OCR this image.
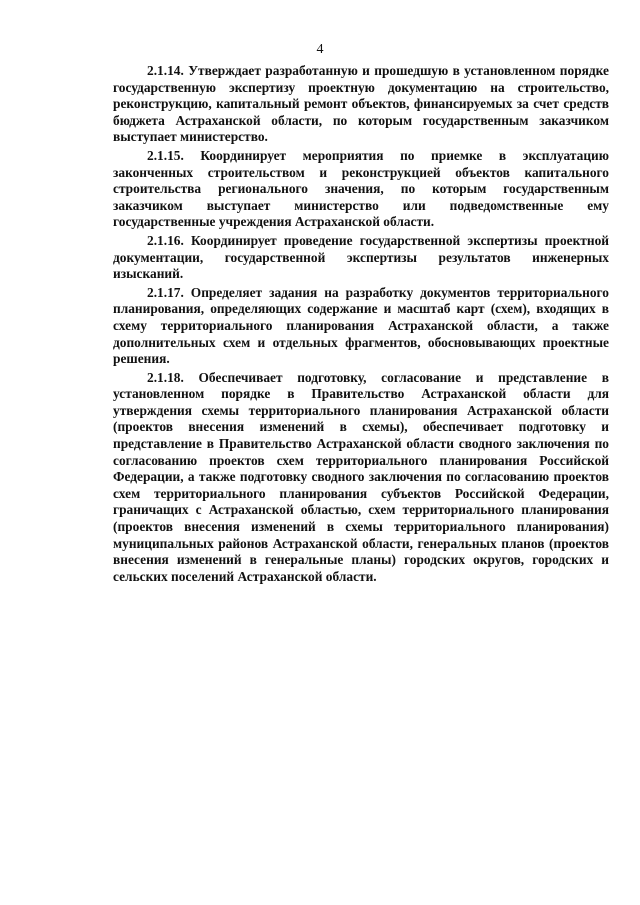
4

2.1.14. Утверждает разработанную и прошедшую в установленном порядке государственную экспертизу проектную документацию на строительство, реконструкцию, капитальный ремонт объектов, финансируемых за счет средств бюджета Астраханской области, по которым государственным заказчиком выступает министерство.

2.1.15. Координирует мероприятия по приемке в эксплуатацию законченных строительством и реконструкцией объектов капитального строительства регионального значения, по которым государственным заказчиком выступает министерство или подведомственные ему государственные учреждения Астраханской области.

2.1.16. Координирует проведение государственной экспертизы проектной документации, государственной экспертизы результатов инженерных изысканий.

2.1.17. Определяет задания на разработку документов территориального планирования, определяющих содержание и масштаб карт (схем), входящих в схему территориального планирования Астраханской области, а также дополнительных схем и отдельных фрагментов, обосновывающих проектные решения.

2.1.18. Обеспечивает подготовку, согласование и представление в установленном порядке в Правительство Астраханской области для утверждения схемы территориального планирования Астраханской области (проектов внесения изменений в схемы), обеспечивает подготовку и представление в Правительство Астраханской области сводного заключения по согласованию проектов схем территориального планирования Российской Федерации, а также подготовку сводного заключения по согласованию проектов схем территориального планирования субъектов Российской Федерации, граничащих с Астраханской областью, схем территориального планирования (проектов внесения изменений в схемы территориального планирования) муниципальных районов Астраханской области, генеральных планов (проектов внесения изменений в генеральные планы) городских округов, городских и сельских поселений Астраханской области.
